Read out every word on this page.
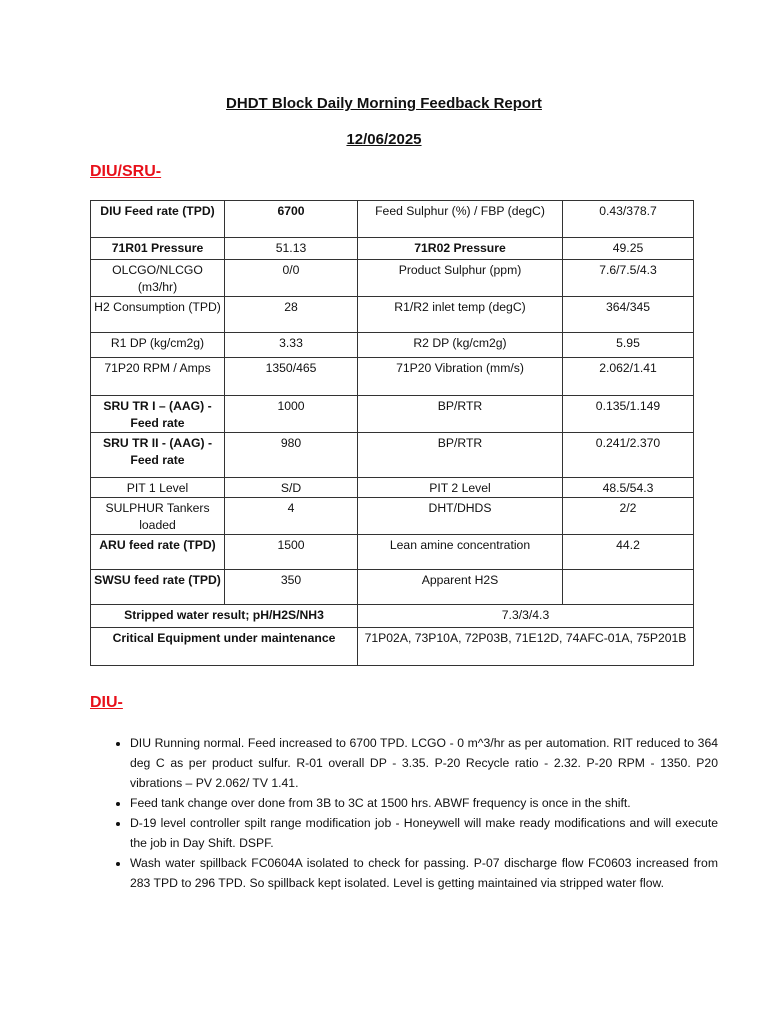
DHDT Block Daily Morning Feedback Report
12/06/2025
DIU/SRU-
DIU Feed rate (TPD)	6700	Feed Sulphur (%) / FBP (degC)	0.43/378.7
71R01 Pressure	51.13	71R02 Pressure	49.25
OLCGO/NLCGO (m3/hr)	0/0	Product Sulphur (ppm)	7.6/7.5/4.3
H2 Consumption (TPD)	28	R1/R2 inlet temp (degC)	364/345
R1 DP (kg/cm2g)	3.33	R2 DP (kg/cm2g)	5.95
71P20 RPM / Amps	1350/465	71P20 Vibration (mm/s)	2.062/1.41
SRU TR I – (AAG) - Feed rate	1000	BP/RTR	0.135/1.149
SRU TR II - (AAG) - Feed rate	980	BP/RTR	0.241/2.370
PIT 1 Level	S/D	PIT 2 Level	48.5/54.3
SULPHUR Tankers loaded	4	DHT/DHDS	2/2
ARU feed rate (TPD)	1500	Lean amine concentration	44.2
SWSU feed rate (TPD)	350	Apparent H2S	
Stripped water result; pH/H2S/NH3		7.3/3/4.3	
Critical Equipment under maintenance		71P02A, 73P10A, 72P03B, 71E12D, 74AFC-01A, 75P201B	
DIU-
• DIU Running normal. Feed increased to 6700 TPD. LCGO - 0 m^3/hr as per automation. RIT reduced to 364 deg C as per product sulfur. R-01 overall DP - 3.35. P-20 Recycle ratio - 2.32. P-20 RPM - 1350. P20 vibrations – PV 2.062/ TV 1.41.
• Feed tank change over done from 3B to 3C at 1500 hrs. ABWF frequency is once in the shift.
• D-19 level controller spilt range modification job - Honeywell will make ready modifications and will execute the job in Day Shift. DSPF.
• Wash water spillback FC0604A isolated to check for passing. P-07 discharge flow FC0603 increased from 283 TPD to 296 TPD. So spillback kept isolated. Level is getting maintained via stripped water flow.
